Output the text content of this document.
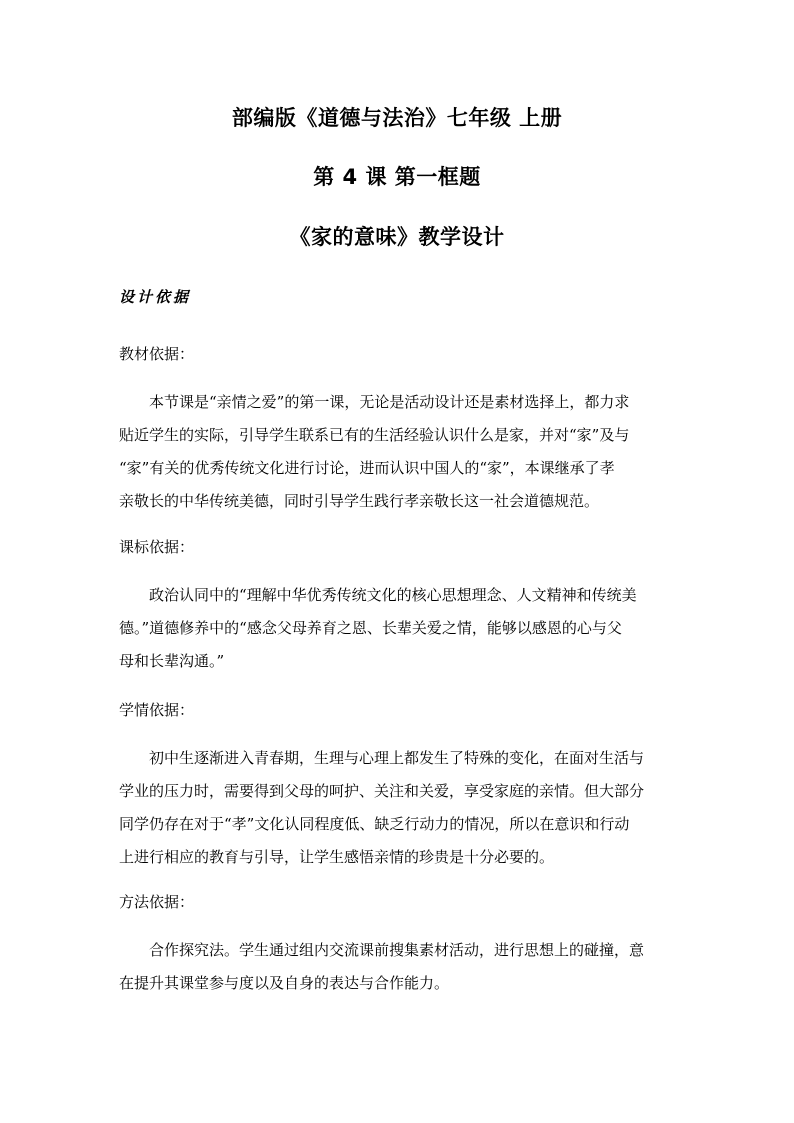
部编版《道德与法治》七年级 上册
第 4 课 第一框题
《家的意味》教学设计
设计依据
教材依据：
　　本节课是“亲情之爱”的第一课，无论是活动设计还是素材选择上，都力求
贴近学生的实际，引导学生联系已有的生活经验认识什么是家，并对“家”及与
“家”有关的优秀传统文化进行讨论，进而认识中国人的“家”，本课继承了孝
亲敬长的中华传统美德，同时引导学生践行孝亲敬长这一社会道德规范。
课标依据：
　　政治认同中的“理解中华优秀传统文化的核心思想理念、人文精神和传统美
德。”道德修养中的“感念父母养育之恩、长辈关爱之情，能够以感恩的心与父
母和长辈沟通。”
学情依据：
　　初中生逐渐进入青春期，生理与心理上都发生了特殊的变化，在面对生活与
学业的压力时，需要得到父母的呵护、关注和关爱，享受家庭的亲情。但大部分
同学仍存在对于“孝”文化认同程度低、缺乏行动力的情况，所以在意识和行动
上进行相应的教育与引导，让学生感悟亲情的珍贵是十分必要的。
方法依据：
　　合作探究法。学生通过组内交流课前搜集素材活动，进行思想上的碰撞，意
在提升其课堂参与度以及自身的表达与合作能力。
